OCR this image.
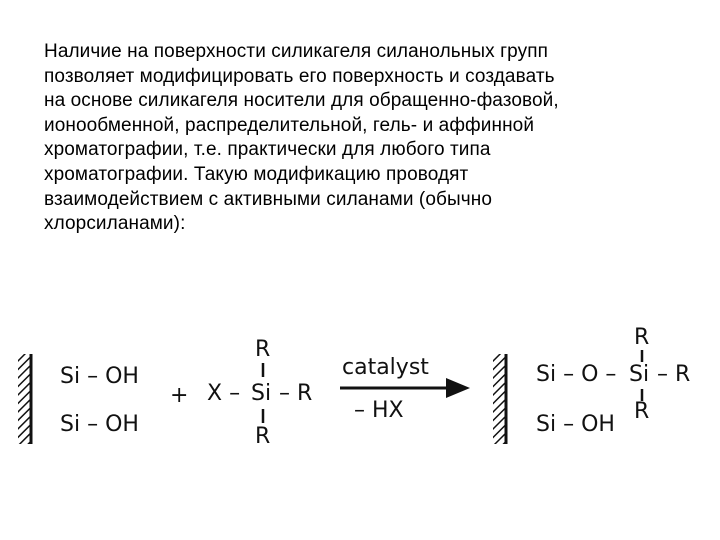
Наличие на поверхности силикагеля силанольных групп
позволяет модифицировать его поверхность и создавать
на основе силикагеля носители для обращенно-фазовой,
ионообменной, распределительной, гель- и аффинной
хроматографии, т.е. практически для любого типа
хроматографии. Такую модификацию проводят
взаимодействием с активными силанами (обычно
хлорсиланами):
Si – OH
Si – OH
+
R
X – Si – R
R
catalyst
– HX
R
Si – O – Si – R
R
Si – OH
